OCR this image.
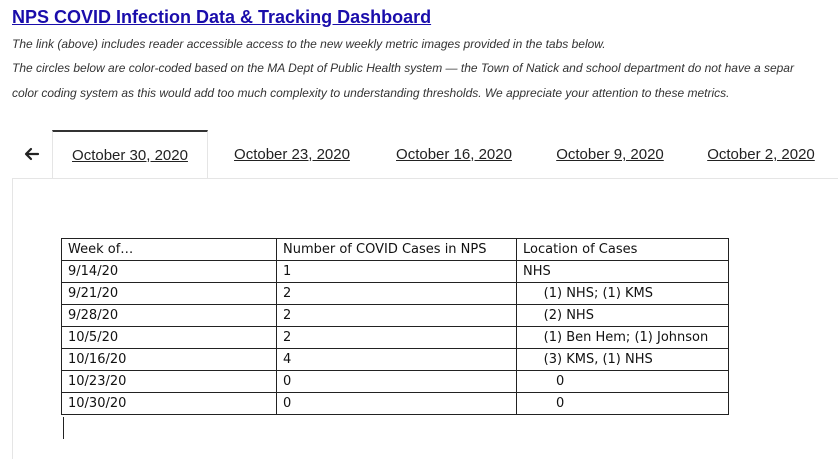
NPS COVID Infection Data & Tracking Dashboard
The link (above) includes reader accessible access to the new weekly metric images provided in the tabs below.
The circles below are color-coded based on the MA Dept of Public Health system — the Town of Natick and school department do not have a separ
color coding system as this would add too much complexity to understanding thresholds. We appreciate your attention to these metrics.
October 30, 2020	October 23, 2020	October 16, 2020	October 9, 2020	October 2, 2020
Week of…	Number of COVID Cases in NPS	Location of Cases
9/14/20	1	NHS
9/21/20	2	(1) NHS; (1) KMS
9/28/20	2	(2) NHS
10/5/20	2	(1) Ben Hem; (1) Johnson
10/16/20	4	(3) KMS, (1) NHS
10/23/20	0	0
10/30/20	0	0
